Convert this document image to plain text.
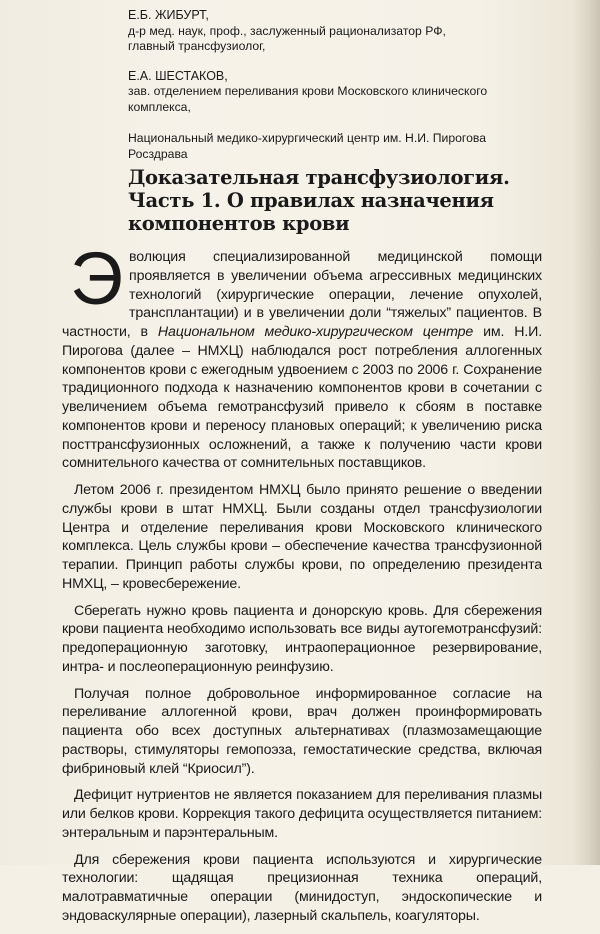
Е.Б. ЖИБУРТ,

д-р мед. наук, проф., заслуженный рационализатор РФ,

главный трансфузиолог,

Е.А. ШЕСТАКОВ,

зав. отделением переливания крови Московского клинического

комплекса,

Национальный медико-хирургический центр им. Н.И. Пирогова

Росздрава

Доказательная трансфузиология.
Часть 1. О правилах назначения
компонентов крови

Эволюция специализированной медицинской помощи проявляется в увеличении объема агрессивных медицинских технологий (хирургические операции, лечение опухолей, трансплантации) и в увеличении доли “тяжелых” пациентов. В частности, в Национальном медико-хирургическом центре им. Н.И. Пирогова (далее – НМХЦ) наблюдался рост потребления аллогенных компонентов крови с ежегодным удвоением с 2003 по 2006 г. Сохранение традиционного подхода к назначению компонентов крови в сочетании с увеличением объема гемотрансфузий привело к сбоям в поставке компонентов крови и переносу плановых операций; к увеличению риска посттрансфузионных осложнений, а также к получению части крови сомнительного качества от сомнительных поставщиков.

Летом 2006 г. президентом НМХЦ было принято решение о введении службы крови в штат НМХЦ. Были созданы отдел трансфузиологии Центра и отделение переливания крови Московского клинического комплекса. Цель службы крови – обеспечение качества трансфузионной терапии. Принцип работы службы крови, по определению президента НМХЦ, – кровесбережение.

Сберегать нужно кровь пациента и донорскую кровь. Для сбережения крови пациента необходимо использовать все виды аутогемотрансфузий: предоперационную заготовку, интраоперационное резервирование, интра- и послеоперационную реинфузию.

Получая полное добровольное информированное согласие на переливание аллогенной крови, врач должен проинформировать пациента обо всех доступных альтернативах (плазмозамещающие растворы, стимуляторы гемопоэза, гемостатические средства, включая фибриновый клей “Криосил”).

Дефицит нутриентов не является показанием для переливания плазмы или белков крови. Коррекция такого дефицита осуществляется питанием: энтеральным и парэнтеральным.

Для сбережения крови пациента используются и хирургические технологии: щадящая прецизионная техника операций, малотравматичные операции (минидоступ, эндоскопические и эндоваскулярные операции), лазерный скальпель, коагуляторы.
